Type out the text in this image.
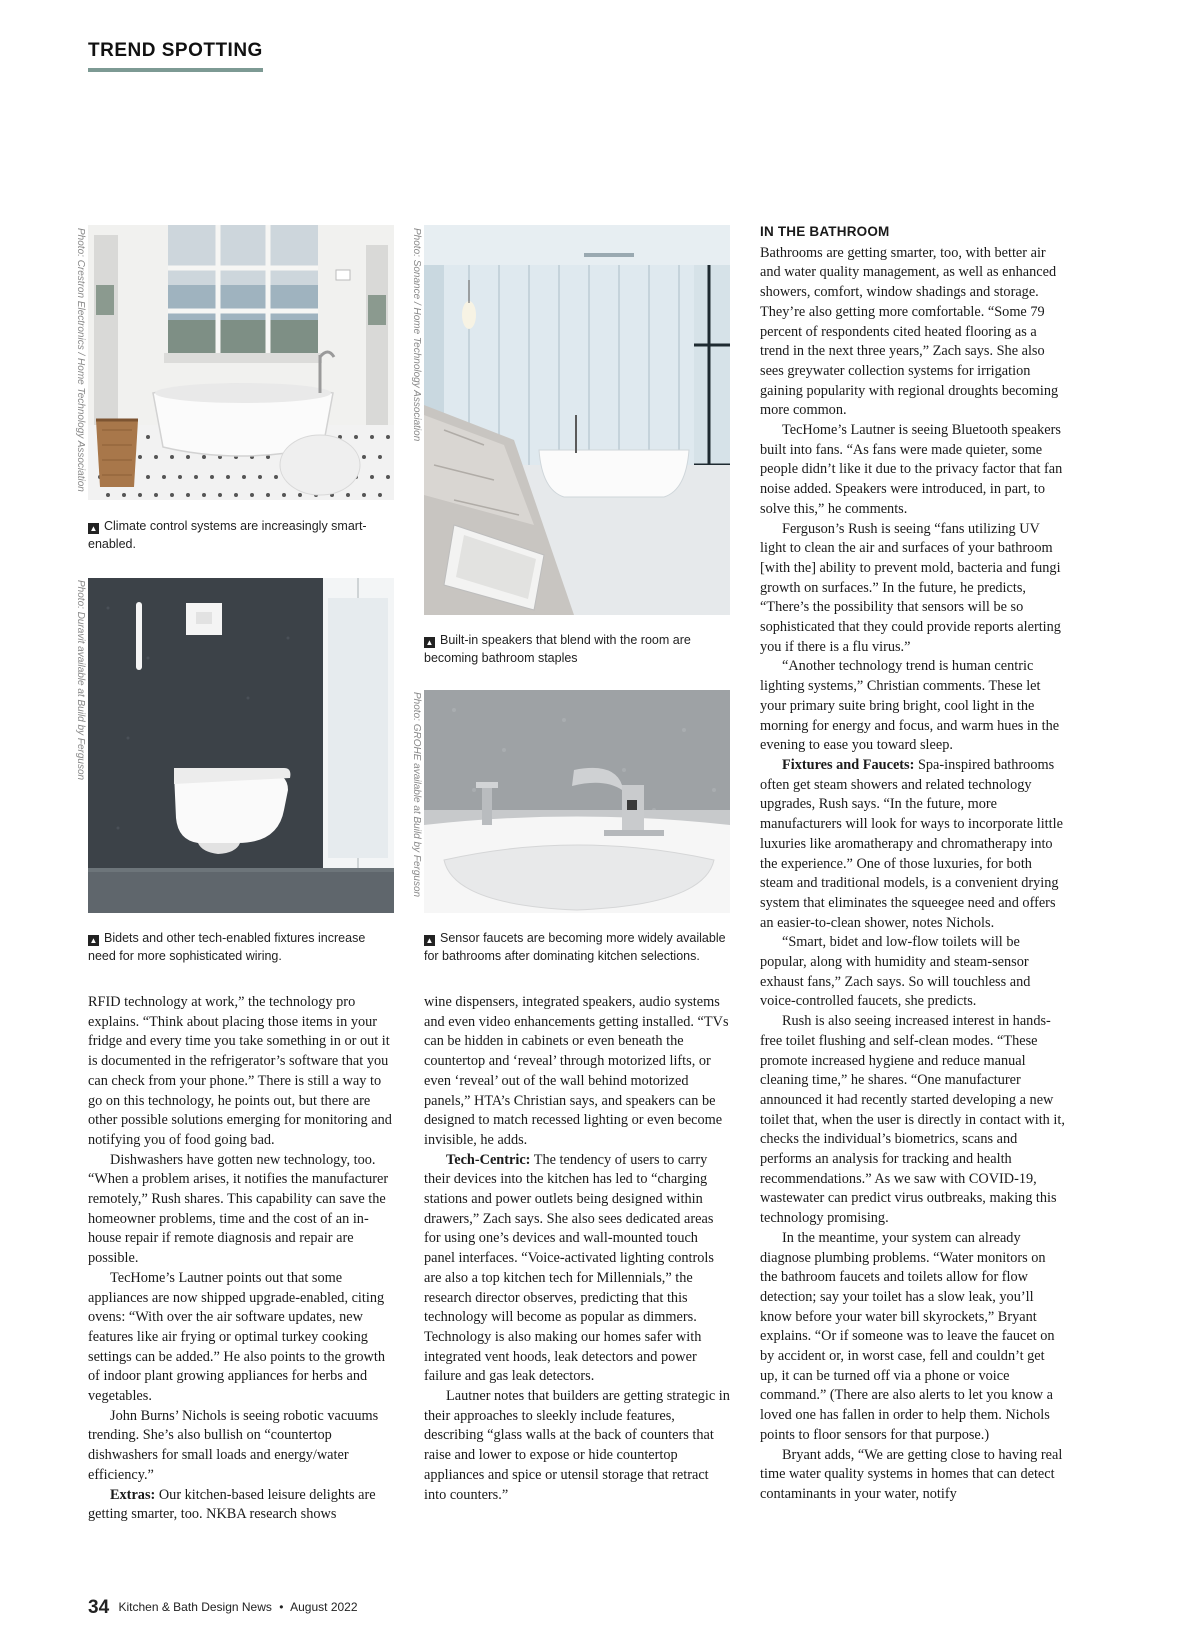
TREND SPOTTING
Photo: Crestron Electronics / Home Technology Association
▲ Climate control systems are increasingly smart-enabled.
Photo: Duravit available at Build by Ferguson
▲ Bidets and other tech-enabled fixtures increase need for more sophisticated wiring.
Photo: Sonance / Home Technology Association
▲ Built-in speakers that blend with the room are becoming bathroom staples
Photo: GROHE available at Build by Ferguson
▲ Sensor faucets are becoming more widely available for bathrooms after dominating kitchen selections.

RFID technology at work,” the technology pro explains. “Think about placing those items in your fridge and every time you take something in or out it is documented in the refrigerator’s software that you can check from your phone.” There is still a way to go on this technology, he points out, but there are other possible solutions emerging for monitoring and notifying you of food going bad.

Dishwashers have gotten new technology, too. “When a problem arises, it notifies the manufacturer remotely,” Rush shares. This capability can save the homeowner problems, time and the cost of an in-house repair if remote diagnosis and repair are possible.

TecHome’s Lautner points out that some appliances are now shipped upgrade-enabled, citing ovens: “With over the air software updates, new features like air frying or optimal turkey cooking settings can be added.” He also points to the growth of indoor plant growing appliances for herbs and vegetables.

John Burns’ Nichols is seeing robotic vacuums trending. She’s also bullish on “countertop dishwashers for small loads and energy/water efficiency.”

Extras: Our kitchen-based leisure delights are getting smarter, too. NKBA research shows

wine dispensers, integrated speakers, audio systems and even video enhancements getting installed. “TVs can be hidden in cabinets or even beneath the countertop and ‘reveal’ through motorized lifts, or even ‘reveal’ out of the wall behind motorized panels,” HTA’s Christian says, and speakers can be designed to match recessed lighting or even become invisible, he adds.

Tech-Centric: The tendency of users to carry their devices into the kitchen has led to “charging stations and power outlets being designed within drawers,” Zach says. She also sees dedicated areas for using one’s devices and wall-mounted touch panel interfaces. “Voice-activated lighting controls are also a top kitchen tech for Millennials,” the research director observes, predicting that this technology will become as popular as dimmers. Technology is also making our homes safer with integrated vent hoods, leak detectors and power failure and gas leak detectors.

Lautner notes that builders are getting strategic in their approaches to sleekly include features, describing “glass walls at the back of counters that raise and lower to expose or hide countertop appliances and spice or utensil storage that retract into counters.”

IN THE BATHROOM

Bathrooms are getting smarter, too, with better air and water quality management, as well as enhanced showers, comfort, window shadings and storage. They’re also getting more comfortable. “Some 79 percent of respondents cited heated flooring as a trend in the next three years,” Zach says. She also sees greywater collection systems for irrigation gaining popularity with regional droughts becoming more common.

TecHome’s Lautner is seeing Bluetooth speakers built into fans. “As fans were made quieter, some people didn’t like it due to the privacy factor that fan noise added. Speakers were introduced, in part, to solve this,” he comments.

Ferguson’s Rush is seeing “fans utilizing UV light to clean the air and surfaces of your bathroom [with the] ability to prevent mold, bacteria and fungi growth on surfaces.” In the future, he predicts, “There’s the possibility that sensors will be so sophisticated that they could provide reports alerting you if there is a flu virus.”

“Another technology trend is human centric lighting systems,” Christian comments. These let your primary suite bring bright, cool light in the morning for energy and focus, and warm hues in the evening to ease you toward sleep.

Fixtures and Faucets: Spa-inspired bathrooms often get steam showers and related technology upgrades, Rush says. “In the future, more manufacturers will look for ways to incorporate little luxuries like aromatherapy and chromatherapy into the experience.” One of those luxuries, for both steam and traditional models, is a convenient drying system that eliminates the squeegee need and offers an easier-to-clean shower, notes Nichols.

“Smart, bidet and low-flow toilets will be popular, along with humidity and steam-sensor exhaust fans,” Zach says. So will touchless and voice-controlled faucets, she predicts.

Rush is also seeing increased interest in hands-free toilet flushing and self-clean modes. “These promote increased hygiene and reduce manual cleaning time,” he shares. “One manufacturer announced it had recently started developing a new toilet that, when the user is directly in contact with it, checks the individual’s biometrics, scans and performs an analysis for tracking and health recommendations.” As we saw with COVID-19, wastewater can predict virus outbreaks, making this technology promising.

In the meantime, your system can already diagnose plumbing problems. “Water monitors on the bathroom faucets and toilets allow for flow detection; say your toilet has a slow leak, you’ll know before your water bill skyrockets,” Bryant explains. “Or if someone was to leave the faucet on by accident or, in worst case, fell and couldn’t get up, it can be turned off via a phone or voice command.” (There are also alerts to let you know a loved one has fallen in order to help them. Nichols points to floor sensors for that purpose.)

Bryant adds, “We are getting close to having real time water quality systems in homes that can detect contaminants in your water, notify

34 Kitchen & Bath Design News • August 2022
